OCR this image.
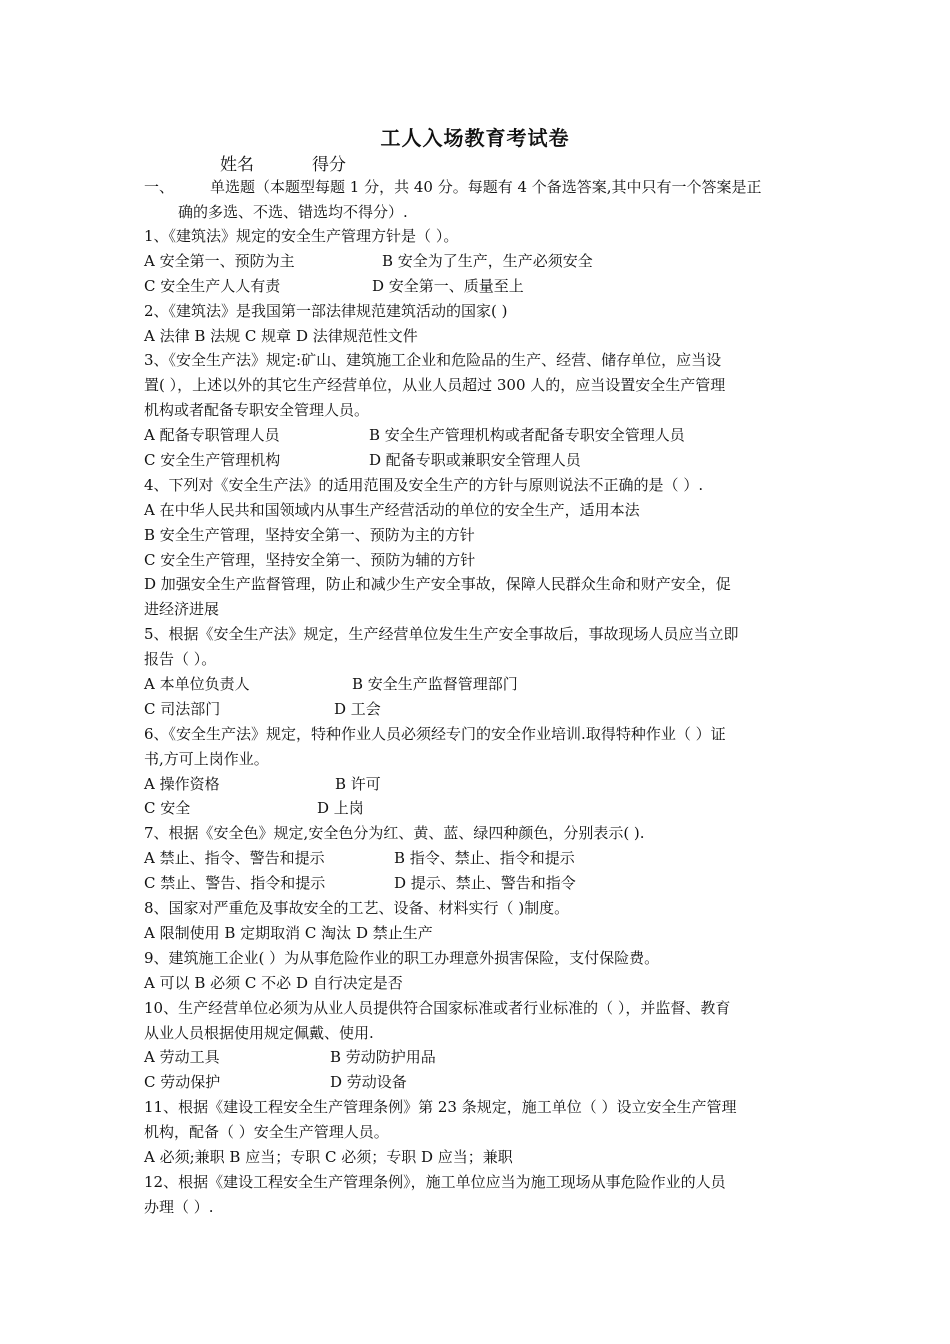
工人入场教育考试卷
姓名	得分
一、	单选题（本题型每题 1 分，共 40 分。每题有 4 个备选答案,其中只有一个答案是正
确的多选、不选、错选均不得分）.
1、《建筑法》规定的安全生产管理方针是（ ）。
A 安全第一、预防为主	B 安全为了生产，生产必须安全
C 安全生产人人有责	D 安全第一、质量至上
2、《建筑法》是我国第一部法律规范建筑活动的国家( )
A 法律 B 法规 C 规章 D 法律规范性文件
3、《安全生产法》规定:矿山、建筑施工企业和危险品的生产、经营、储存单位，应当设
置( ），上述以外的其它生产经营单位，从业人员超过 300 人的，应当设置安全生产管理
机构或者配备专职安全管理人员。
A 配备专职管理人员	B 安全生产管理机构或者配备专职安全管理人员
C 安全生产管理机构	D 配备专职或兼职安全管理人员
4、下列对《安全生产法》的适用范围及安全生产的方针与原则说法不正确的是（ ）.
A 在中华人民共和国领域内从事生产经营活动的单位的安全生产，适用本法
B 安全生产管理，坚持安全第一、预防为主的方针
C 安全生产管理，坚持安全第一、预防为辅的方针
D 加强安全生产监督管理，防止和减少生产安全事故，保障人民群众生命和财产安全，促
进经济进展
5、根据《安全生产法》规定，生产经营单位发生生产安全事故后，事故现场人员应当立即
报告（ ）。
A 本单位负责人	B 安全生产监督管理部门
C 司法部门	D 工会
6、《安全生产法》规定，特种作业人员必须经专门的安全作业培训.取得特种作业（ ）证
书,方可上岗作业。
A 操作资格	B 许可
C 安全	D 上岗
7、根据《安全色》规定,安全色分为红、黄、蓝、绿四种颜色，分别表示( ).
A 禁止、指令、警告和提示	B 指令、禁止、指令和提示
C 禁止、警告、指令和提示	D 提示、禁止、警告和指令
8、国家对严重危及事故安全的工艺、设备、材料实行（ )制度。
A 限制使用 B 定期取消 C 淘汰 D 禁止生产
9、建筑施工企业( ）为从事危险作业的职工办理意外损害保险，支付保险费。
A 可以 B 必须 C 不必 D 自行决定是否
10、生产经营单位必须为从业人员提供符合国家标准或者行业标准的（ ），并监督、教育
从业人员根据使用规定佩戴、使用.
A 劳动工具	B 劳动防护用品
C 劳动保护	D 劳动设备
11、根据《建设工程安全生产管理条例》第 23 条规定，施工单位（ ）设立安全生产管理
机构，配备（ ）安全生产管理人员。
A 必须;兼职 B 应当；专职 C 必须；专职 D 应当；兼职
12、根据《建设工程安全生产管理条例》，施工单位应当为施工现场从事危险作业的人员
办理（ ）.
